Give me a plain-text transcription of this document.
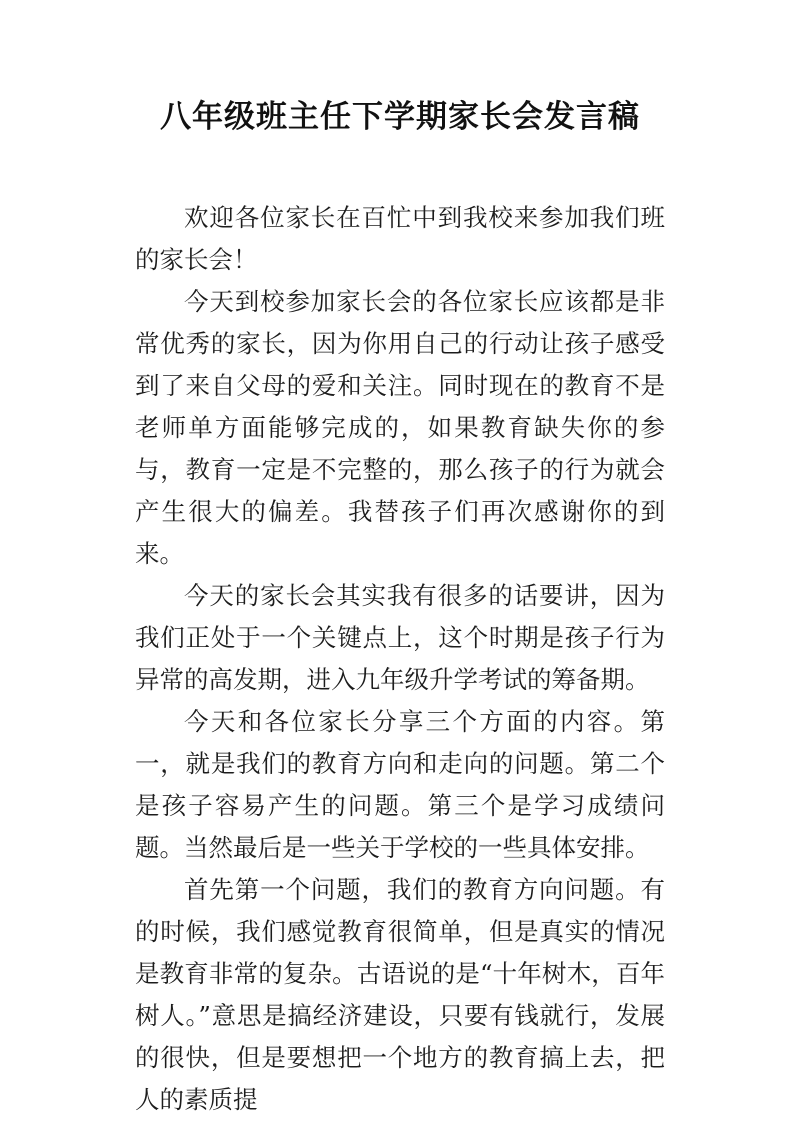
八年级班主任下学期家长会发言稿

欢迎各位家长在百忙中到我校来参加我们班的家长会！

今天到校参加家长会的各位家长应该都是非常优秀的家长，因为你用自己的行动让孩子感受到了来自父母的爱和关注。同时现在的教育不是老师单方面能够完成的，如果教育缺失你的参与，教育一定是不完整的，那么孩子的行为就会产生很大的偏差。我替孩子们再次感谢你的到来。

今天的家长会其实我有很多的话要讲，因为我们正处于一个关键点上，这个时期是孩子行为异常的高发期，进入九年级升学考试的筹备期。

今天和各位家长分享三个方面的内容。第一，就是我们的教育方向和走向的问题。第二个是孩子容易产生的问题。第三个是学习成绩问题。当然最后是一些关于学校的一些具体安排。

首先第一个问题，我们的教育方向问题。有的时候，我们感觉教育很简单，但是真实的情况是教育非常的复杂。古语说的是“十年树木，百年树人。”意思是搞经济建设，只要有钱就行，发展的很快，但是要想把一个地方的教育搞上去，把人的素质提
